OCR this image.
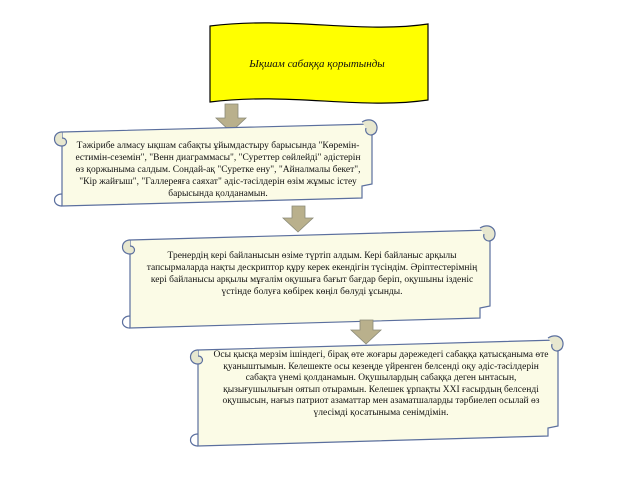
Ықшам сабаққа қорытынды
Тәжірибе алмасу ықшам сабақты ұйымдастыру барысында "Көремін-естимін-сеземін", "Венн диаграммасы", "Суреттер сөйлейді" әдістерін өз қоржыныма салдым. Сондай-ақ "Суретке ену", "Айналмалы бекет", "Кір жайғыш", "Галлереяға саяхат" әдіс-тәсілдерін өзім жұмыс істеу барысында қолданамын.
Тренердің кері байланысын өзіме түртіп алдым. Кері байланыс арқылы тапсырмаларда нақты дескриптор құру керек екендігін түсіндім. Әріптестерімнің кері байланысы арқылы мұғалім оқушыға бағыт бағдар беріп, оқушыны ізденіс үстінде болуға көбірек көңіл бөлуді ұсынды.
Осы қысқа мерзім ішіндегі, бірақ өте жоғары дәрежедегі сабаққа қатысқаныма өте қуаныштымын. Келешекте осы кезеңде үйренген белсенді оқу әдіс-тәсілдерін сабақта үнемі қолданамын. Оқушылардың сабаққа деген ынтасын, қызығушылығын оятып отырамын. Келешек ұрпақты XXI ғасырдың белсенді оқушысын, нағыз патриот азаматтар мен азаматшаларды тәрбиелеп осылай өз үлесімді қосатыныма сенімдімін.
